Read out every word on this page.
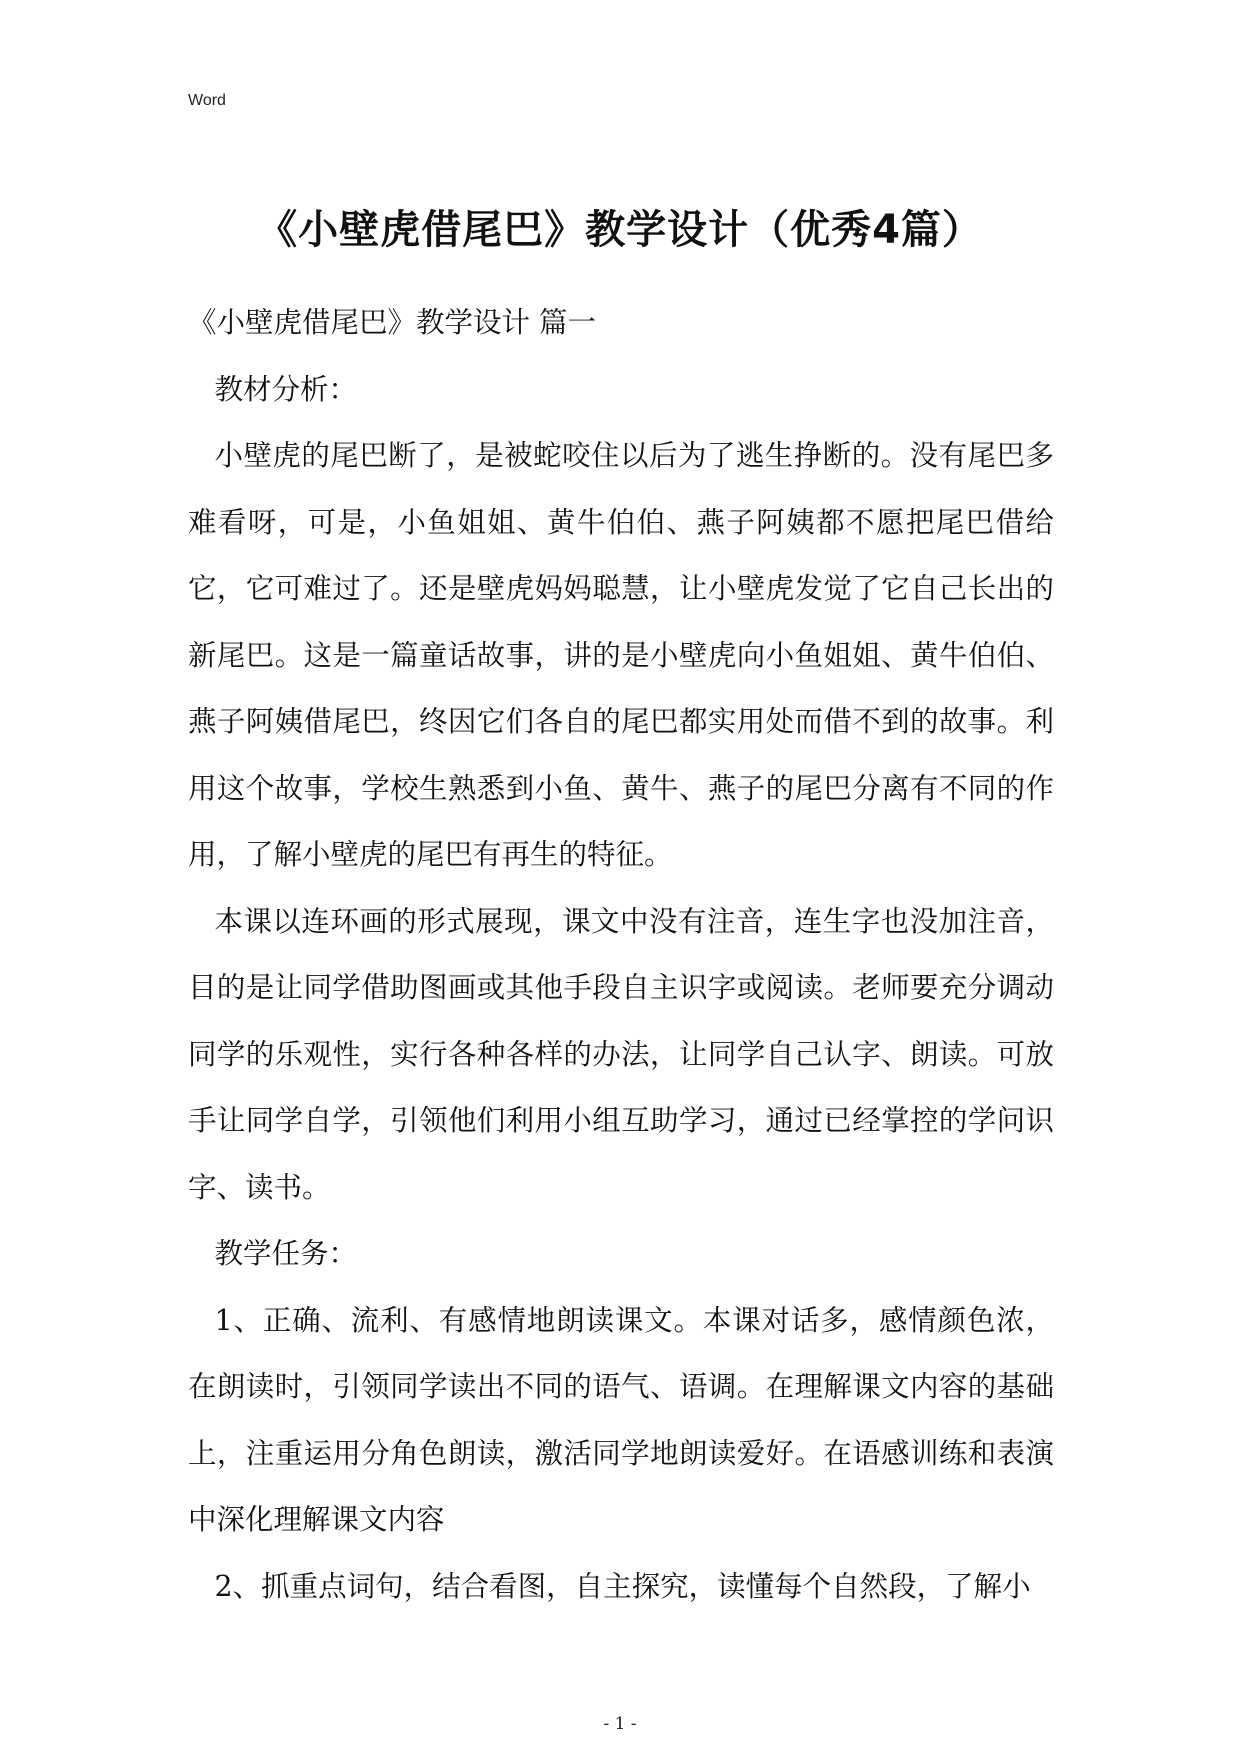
Word
《小壁虎借尾巴》教学设计（优秀4篇）

《小壁虎借尾巴》教学设计 篇一

教材分析：

小壁虎的尾巴断了，是被蛇咬住以后为了逃生挣断的。没有尾巴多难看呀，可是，小鱼姐姐、黄牛伯伯、燕子阿姨都不愿把尾巴借给它，它可难过了。还是壁虎妈妈聪慧，让小壁虎发觉了它自己长出的新尾巴。这是一篇童话故事，讲的是小壁虎向小鱼姐姐、黄牛伯伯、燕子阿姨借尾巴，终因它们各自的尾巴都实用处而借不到的故事。利用这个故事，学校生熟悉到小鱼、黄牛、燕子的尾巴分离有不同的作用，了解小壁虎的尾巴有再生的特征。

本课以连环画的形式展现，课文中没有注音，连生字也没加注音，目的是让同学借助图画或其他手段自主识字或阅读。老师要充分调动同学的乐观性，实行各种各样的办法，让同学自己认字、朗读。可放手让同学自学，引领他们利用小组互助学习，通过已经掌控的学问识字、读书。

教学任务：

1、正确、流利、有感情地朗读课文。本课对话多，感情颜色浓，在朗读时，引领同学读出不同的语气、语调。在理解课文内容的基础上，注重运用分角色朗读，激活同学地朗读爱好。在语感训练和表演中深化理解课文内容

2、抓重点词句，结合看图，自主探究，读懂每个自然段，了解小

- 1 -
